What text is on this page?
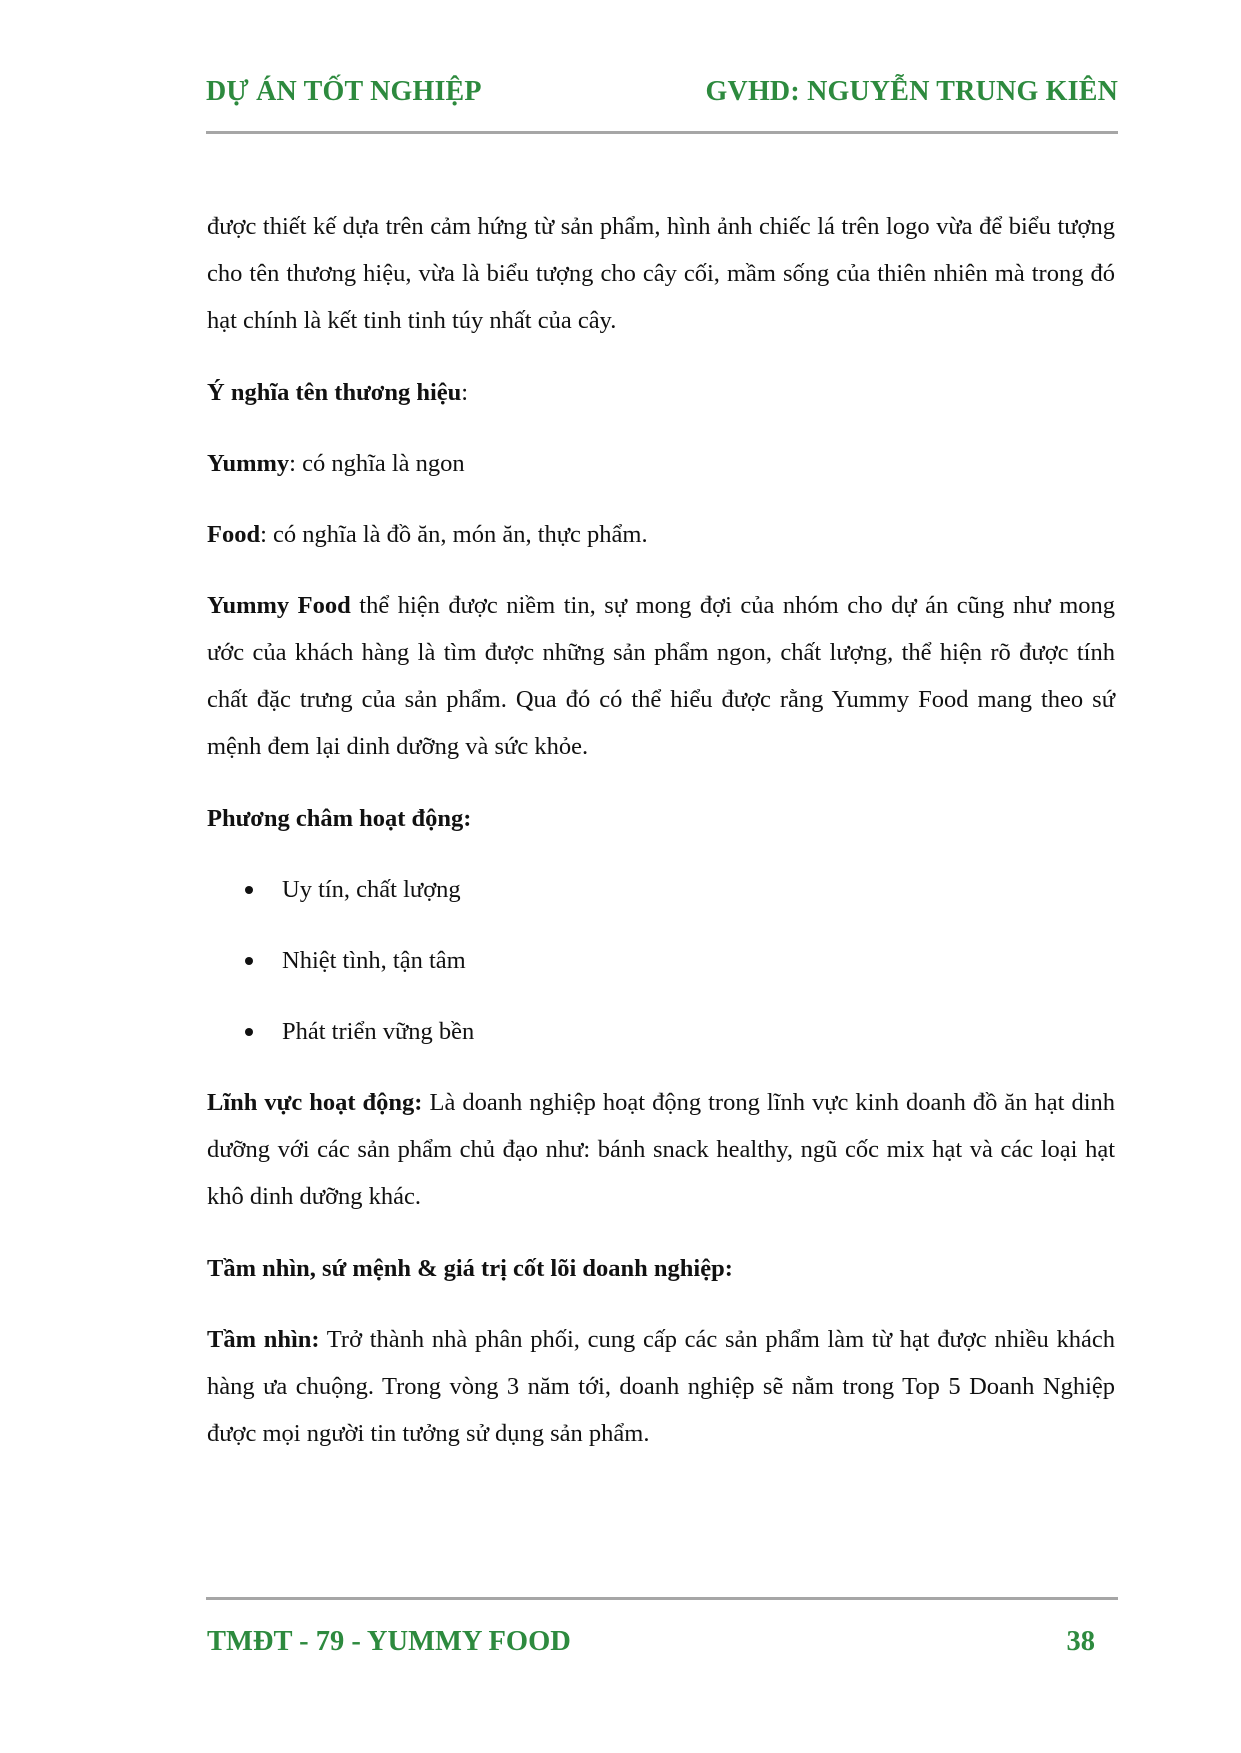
DỰ ÁN TỐT NGHIỆP	GVHD: NGUYỄN TRUNG KIÊN

được thiết kế dựa trên cảm hứng từ sản phẩm, hình ảnh chiếc lá trên logo vừa để biểu tượng cho tên thương hiệu, vừa là biểu tượng cho cây cối, mầm sống của thiên nhiên mà trong đó hạt chính là kết tinh tinh túy nhất của cây.

Ý nghĩa tên thương hiệu:

Yummy: có nghĩa là ngon

Food: có nghĩa là đồ ăn, món ăn, thực phẩm.

Yummy Food thể hiện được niềm tin, sự mong đợi của nhóm cho dự án cũng như mong ước của khách hàng là tìm được những sản phẩm ngon, chất lượng, thể hiện rõ được tính chất đặc trưng của sản phẩm. Qua đó có thể hiểu được rằng Yummy Food mang theo sứ mệnh đem lại dinh dưỡng và sức khỏe.

Phương châm hoạt động:

Uy tín, chất lượng
Nhiệt tình, tận tâm
Phát triển vững bền

Lĩnh vực hoạt động: Là doanh nghiệp hoạt động trong lĩnh vực kinh doanh đồ ăn hạt dinh dưỡng với các sản phẩm chủ đạo như: bánh snack healthy, ngũ cốc mix hạt và các loại hạt khô dinh dưỡng khác.

Tầm nhìn, sứ mệnh & giá trị cốt lõi doanh nghiệp:

Tầm nhìn: Trở thành nhà phân phối, cung cấp các sản phẩm làm từ hạt được nhiều khách hàng ưa chuộng. Trong vòng 3 năm tới, doanh nghiệp sẽ nằm trong Top 5 Doanh Nghiệp được mọi người tin tưởng sử dụng sản phẩm.

TMĐT - 79 - YUMMY FOOD	38
